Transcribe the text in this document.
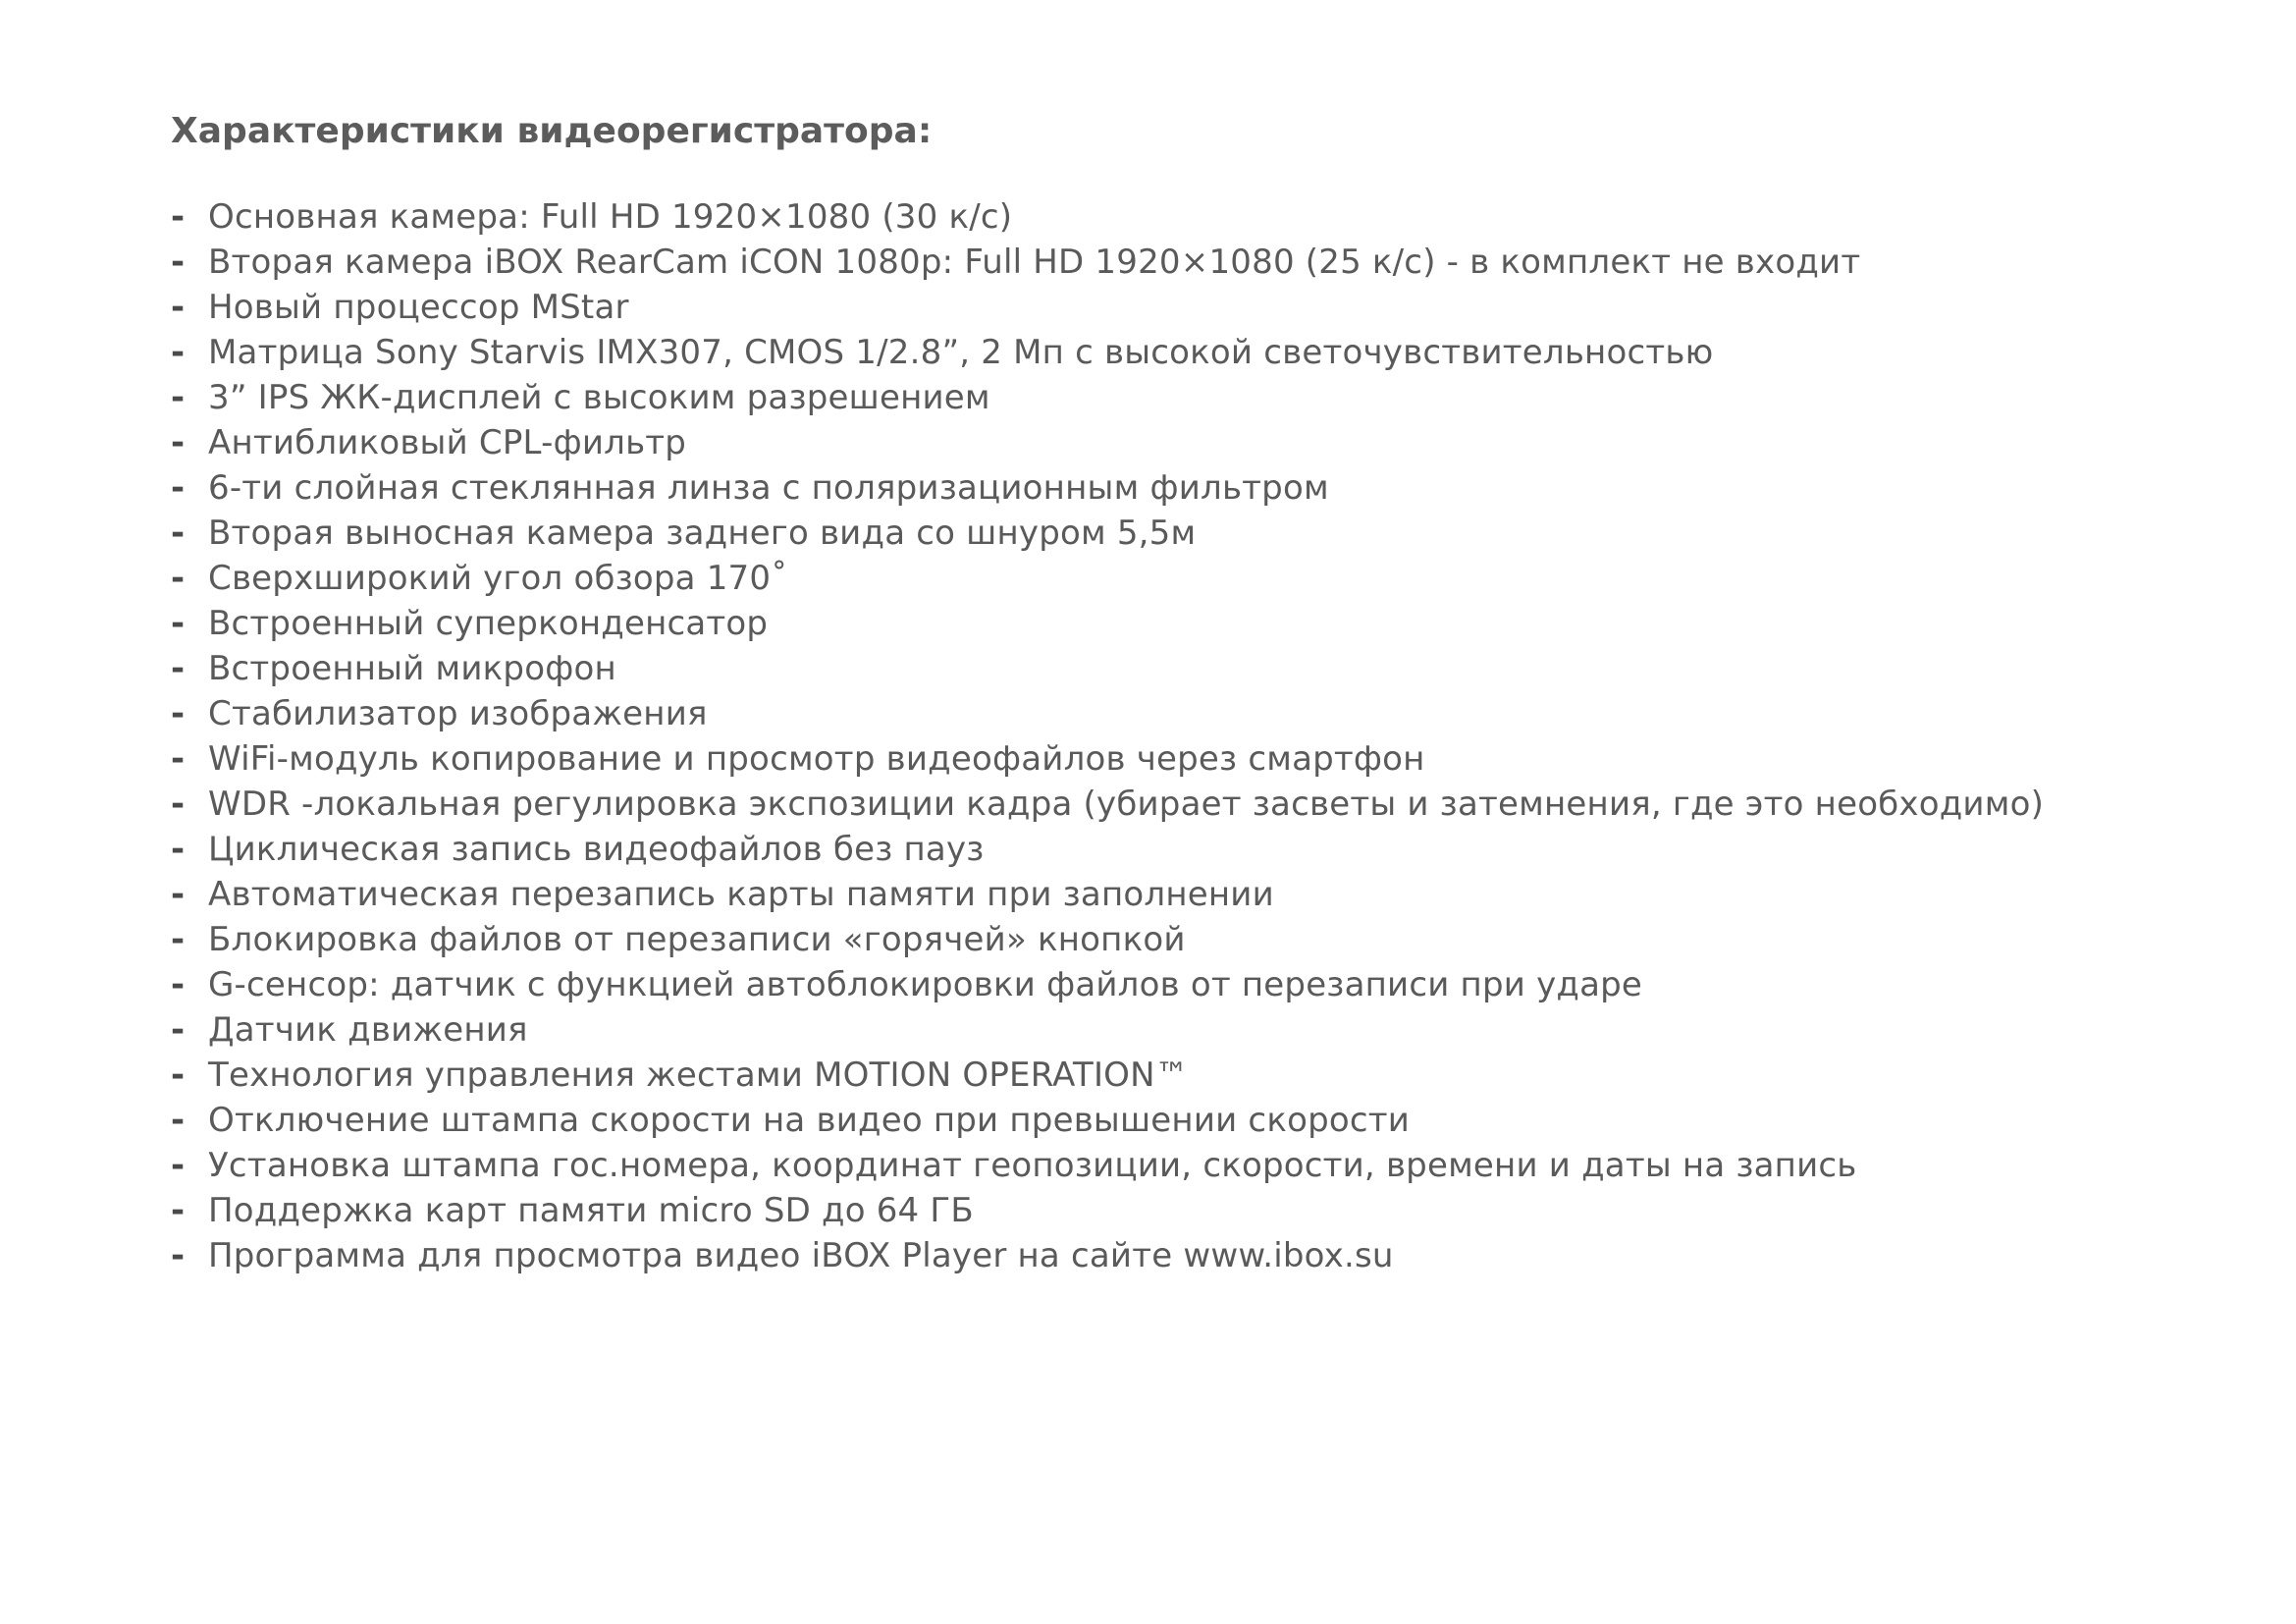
Характеристики видеорегистратора:
- Основная камера: Full HD 1920×1080 (30 к/с)
- Вторая камера iBOX RearCam iCON 1080p: Full HD 1920×1080 (25 к/с) - в комплект не входит
- Новый процессор MStar
- Матрица Sony Starvis IMX307, CMOS 1/2.8”, 2 Мп с высокой светочувствительностью
- 3” IPS ЖК-дисплей с высоким разрешением
- Антибликовый CPL-фильтр
- 6-ти слойная стеклянная линза с поляризационным фильтром
- Вторая выносная камера заднего вида со шнуром 5,5м
- Сверхширокий угол обзора 170˚
- Встроенный суперконденсатор
- Встроенный микрофон
- Стабилизатор изображения
- WiFi-модуль копирование и просмотр видеофайлов через смартфон
- WDR -локальная регулировка экспозиции кадра (убирает засветы и затемнения, где это необходимо)
- Циклическая запись видеофайлов без пауз
- Автоматическая перезапись карты памяти при заполнении
- Блокировка файлов от перезаписи «горячей» кнопкой
- G-сенсор: датчик с функцией автоблокировки файлов от перезаписи при ударе
- Датчик движения
- Технология управления жестами MOTION OPERATION™
- Отключение штампа скорости на видео при превышении скорости
- Установка штампа гос.номера, координат геопозиции, скорости, времени и даты на запись
- Поддержка карт памяти micro SD до 64 ГБ
- Программа для просмотра видео iBOX Player на сайте www.ibox.su
